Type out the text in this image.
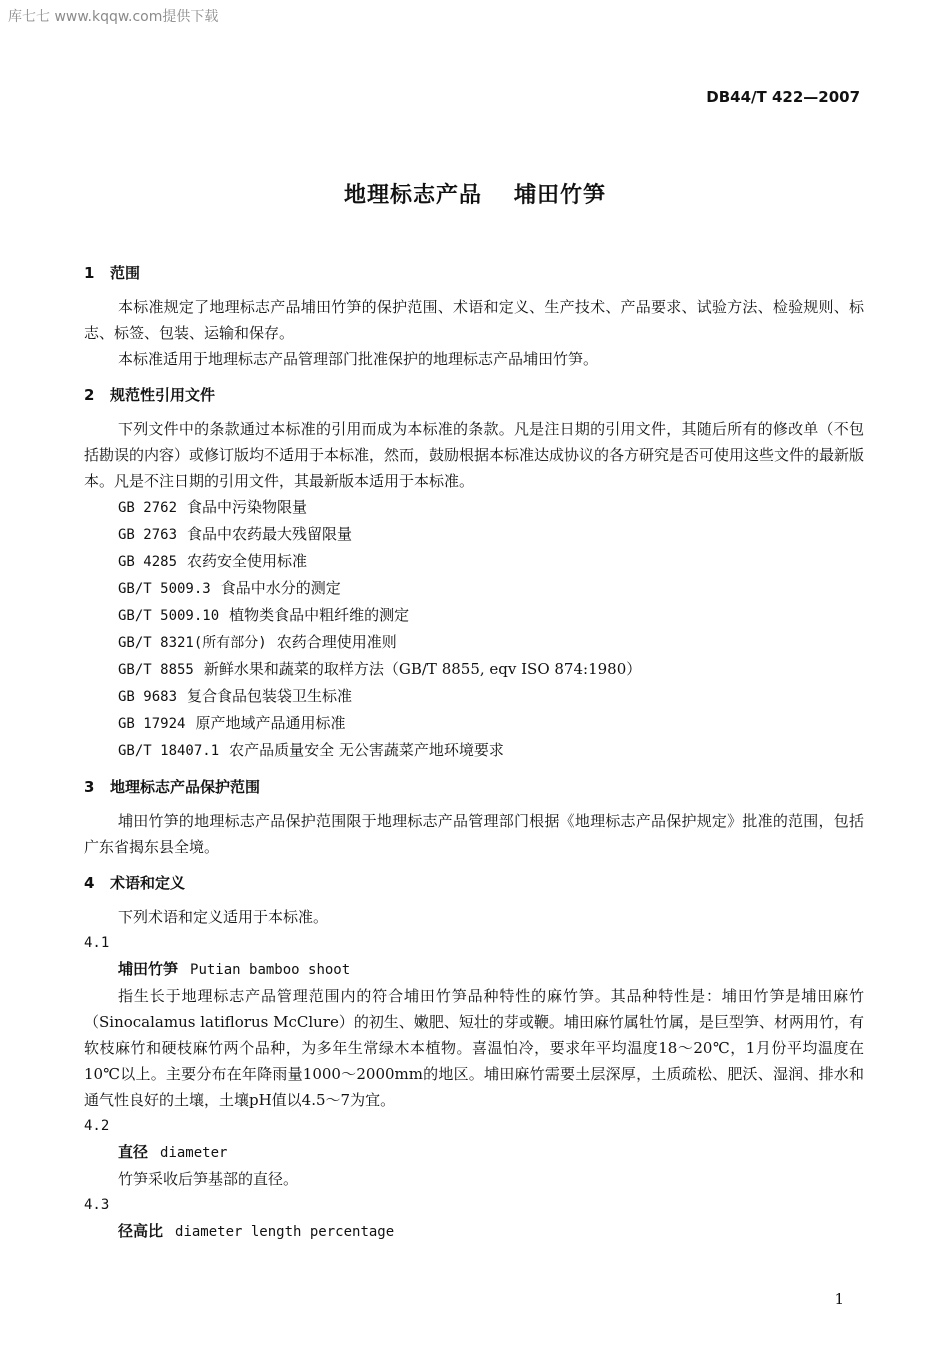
库七七 www.kqqw.com提供下载
DB44/T 422—2007
地理标志产品 埔田竹笋

1 范围

本标准规定了地理标志产品埔田竹笋的保护范围、术语和定义、生产技术、产品要求、试验方法、检验规则、标志、标签、包装、运输和保存。

本标准适用于地理标志产品管理部门批准保护的地理标志产品埔田竹笋。

2 规范性引用文件

下列文件中的条款通过本标准的引用而成为本标准的条款。凡是注日期的引用文件，其随后所有的修改单（不包括勘误的内容）或修订版均不适用于本标准，然而，鼓励根据本标准达成协议的各方研究是否可使用这些文件的最新版本。凡是不注日期的引用文件，其最新版本适用于本标准。

GB 2762 食品中污染物限量

GB 2763 食品中农药最大残留限量

GB 4285 农药安全使用标准

GB/T 5009.3 食品中水分的测定

GB/T 5009.10 植物类食品中粗纤维的测定

GB/T 8321(所有部分) 农药合理使用准则

GB/T 8855 新鲜水果和蔬菜的取样方法（GB/T 8855, eqv ISO 874:1980）

GB 9683 复合食品包装袋卫生标准

GB 17924 原产地域产品通用标准

GB/T 18407.1 农产品质量安全 无公害蔬菜产地环境要求

3 地理标志产品保护范围

埔田竹笋的地理标志产品保护范围限于地理标志产品管理部门根据《地理标志产品保护规定》批准的范围，包括广东省揭东县全境。

4 术语和定义

下列术语和定义适用于本标准。

4.1

埔田竹笋 Putian bamboo shoot

指生长于地理标志产品管理范围内的符合埔田竹笋品种特性的麻竹笋。其品种特性是：埔田竹笋是埔田麻竹（Sinocalamus latiflorus McClure）的初生、嫩肥、短壮的芽或鞭。埔田麻竹属牡竹属，是巨型笋、材两用竹，有软枝麻竹和硬枝麻竹两个品种，为多年生常绿木本植物。喜温怕冷，要求年平均温度18～20℃，1月份平均温度在10℃以上。主要分布在年降雨量1000～2000mm的地区。埔田麻竹需要土层深厚，土质疏松、肥沃、湿润、排水和通气性良好的土壤，土壤pH值以4.5～7为宜。

4.2

直径 diameter

竹笋采收后笋基部的直径。

4.3

径高比 diameter length percentage

1
